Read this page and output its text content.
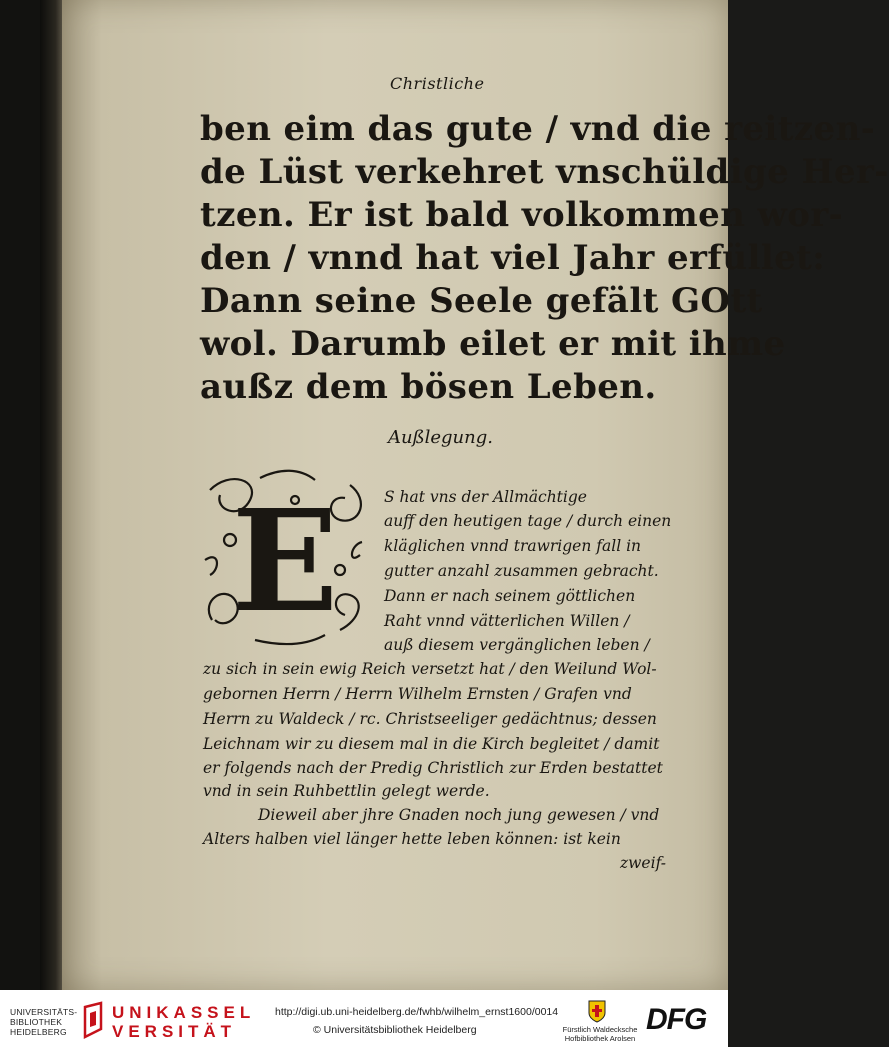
Christliche
ben eim das gute / vnd die reitzen-
de Lüst verkehret vnschüldige Her-
tzen. Er ist bald volkommen wor-
den / vnnd hat viel Jahr erfüllet:
Dann seine Seele gefält GOtt
wol. Darumb eilet er mit ihme
außz dem bösen Leben.
Außlegung.
E	S hat vns der Allmächtige
auff den heutigen tage / durch einen
kläglichen vnnd trawrigen fall in
gutter anzahl zusammen gebracht.
Dann er nach seinem göttlichen
Raht vnnd vätterlichen Willen /
auß diesem vergänglichen leben /
zu sich in sein ewig Reich versetzt hat / den Weilund Wol-
gebornen Herrn / Herrn Wilhelm Ernsten / Grafen vnd
Herrn zu Waldeck / rc. Christseeliger gedächtnus; dessen
Leichnam wir zu diesem mal in die Kirch begleitet / damit
er folgends nach der Predig Christlich zur Erden bestattet
vnd in sein Ruhbettlin gelegt werde.
Dieweil aber jhre Gnaden noch jung gewesen / vnd
Alters halben viel länger hette leben können: ist kein
zweif-
UNIVERSITÄTS-
BIBLIOTHEK
HEIDELBERG
UNIKASSEL
VERSITÄT
http://digi.ub.uni-heidelberg.de/fwhb/wilhelm_ernst1600/0014
© Universitätsbibliothek Heidelberg	Fürstlich Waldecksche
Hofbibliothek Arolsen
DFG
